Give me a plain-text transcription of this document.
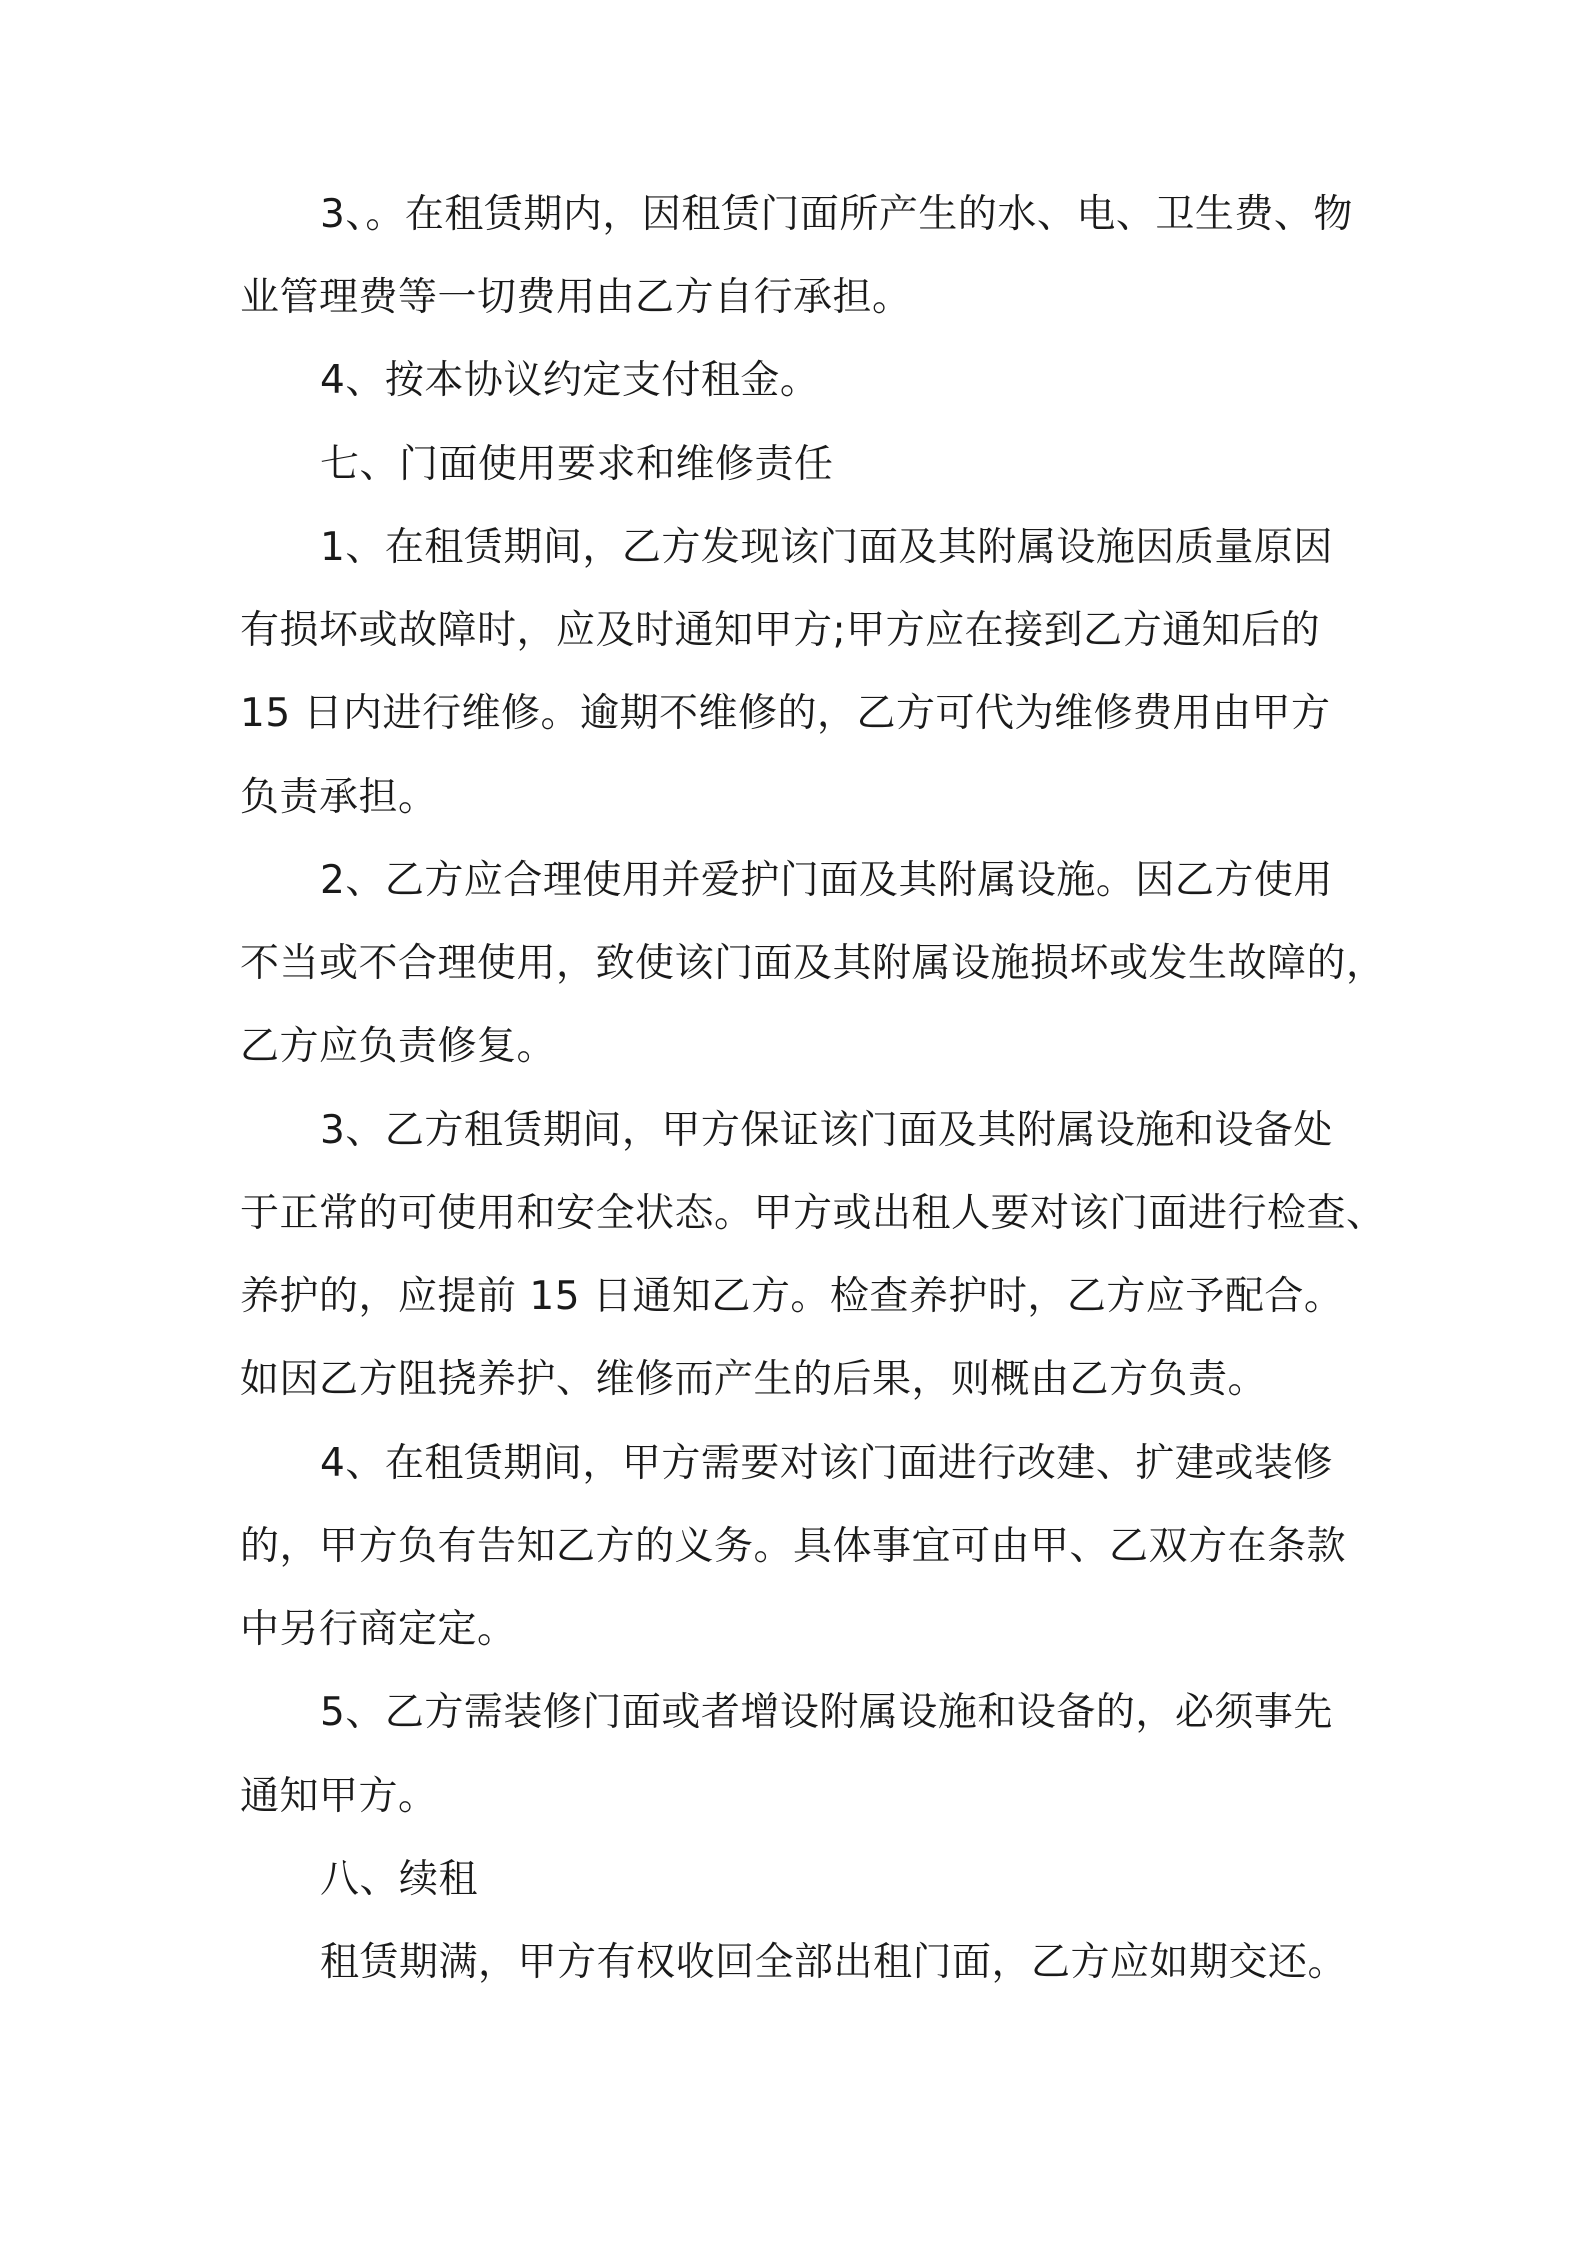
3、。在租赁期内，因租赁门面所产生的水、电、卫生费、物
业管理费等一切费用由乙方自行承担。
4、按本协议约定支付租金。
七、门面使用要求和维修责任
1、在租赁期间，乙方发现该门面及其附属设施因质量原因
有损坏或故障时，应及时通知甲方;甲方应在接到乙方通知后的
15 日内进行维修。逾期不维修的，乙方可代为维修费用由甲方
负责承担。
2、乙方应合理使用并爱护门面及其附属设施。因乙方使用
不当或不合理使用，致使该门面及其附属设施损坏或发生故障的，
乙方应负责修复。
3、乙方租赁期间，甲方保证该门面及其附属设施和设备处
于正常的可使用和安全状态。甲方或出租人要对该门面进行检查、
养护的，应提前 15 日通知乙方。检查养护时，乙方应予配合。
如因乙方阻挠养护、维修而产生的后果，则概由乙方负责。
4、在租赁期间，甲方需要对该门面进行改建、扩建或装修
的，甲方负有告知乙方的义务。具体事宜可由甲、乙双方在条款
中另行商定定。
5、乙方需装修门面或者增设附属设施和设备的，必须事先
通知甲方。
八、续租
租赁期满，甲方有权收回全部出租门面，乙方应如期交还。
